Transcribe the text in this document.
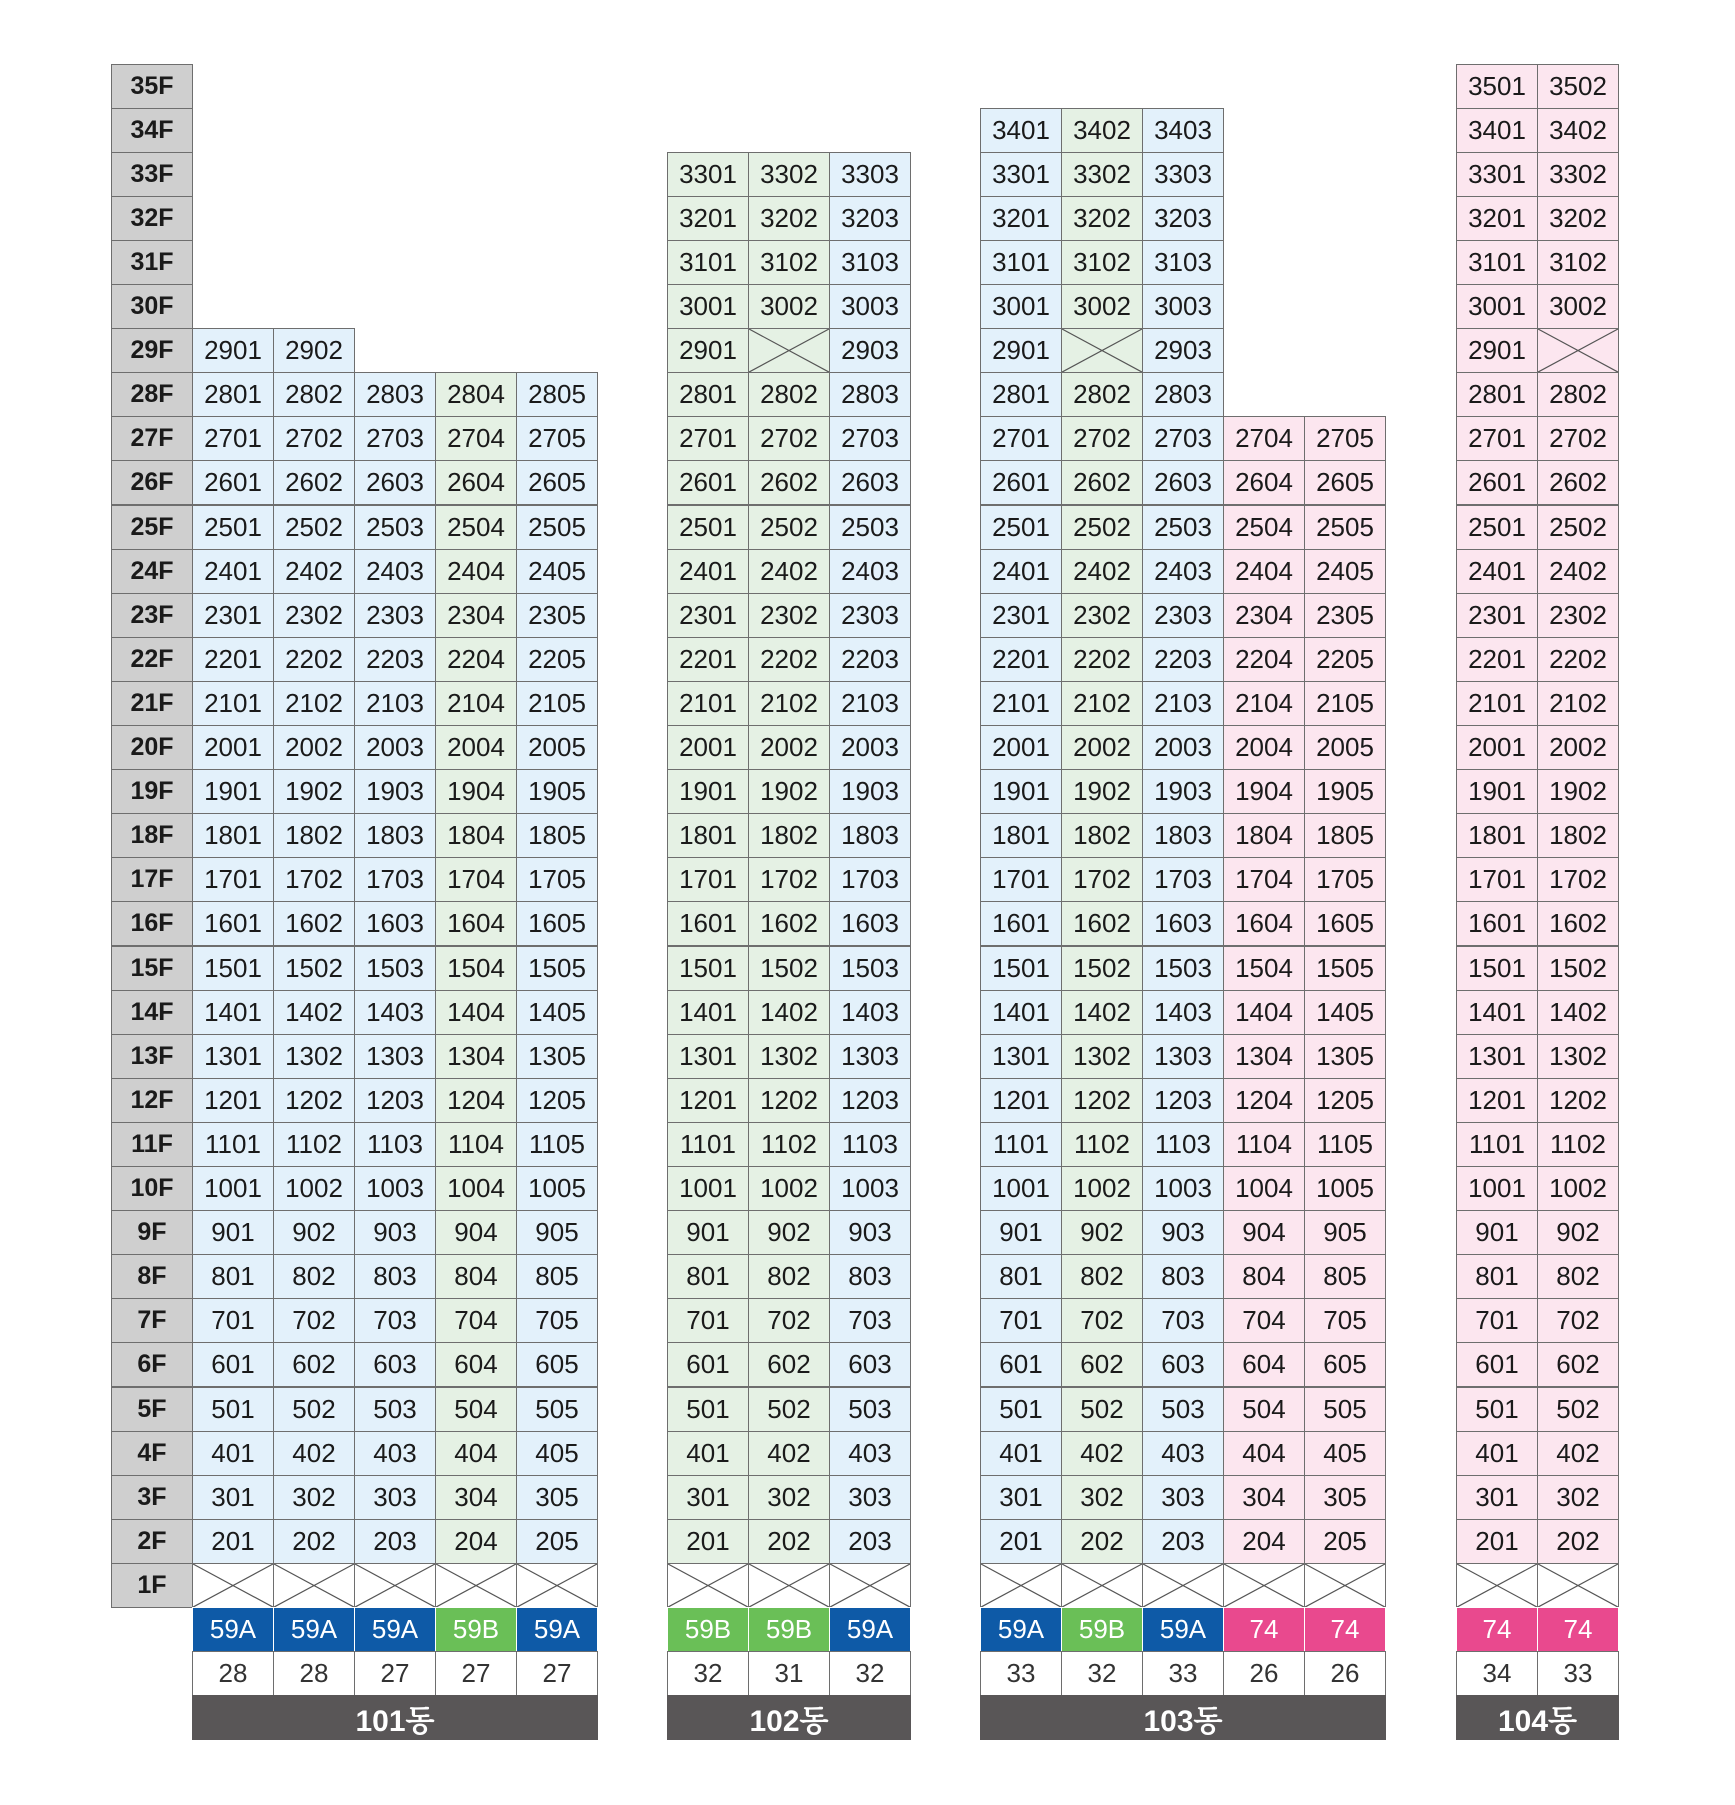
35F
34F
33F
32F
31F
30F
29F
28F
27F
26F
25F
24F
23F
22F
21F
20F
19F
18F
17F
16F
15F
14F
13F
12F
11F
10F
9F
8F
7F
6F
5F
4F
3F
2F
1F
2901
2801
2701
2601
2501
2401
2301
2201
2101
2001
1901
1801
1701
1601
1501
1401
1301
1201
1101
1001
901
801
701
601
501
401
301
201
59A
28
2902
2802
2702
2602
2502
2402
2302
2202
2102
2002
1902
1802
1702
1602
1502
1402
1302
1202
1102
1002
902
802
702
602
502
402
302
202
59A
28
2803
2703
2603
2503
2403
2303
2203
2103
2003
1903
1803
1703
1603
1503
1403
1303
1203
1103
1003
903
803
703
603
503
403
303
203
59A
27
2804
2704
2604
2504
2404
2304
2204
2104
2004
1904
1804
1704
1604
1504
1404
1304
1204
1104
1004
904
804
704
604
504
404
304
204
59B
27
2805
2705
2605
2505
2405
2305
2205
2105
2005
1905
1805
1705
1605
1505
1405
1305
1205
1105
1005
905
805
705
605
505
405
305
205
59A
27
101동
3301
3201
3101
3001
2901
2801
2701
2601
2501
2401
2301
2201
2101
2001
1901
1801
1701
1601
1501
1401
1301
1201
1101
1001
901
801
701
601
501
401
301
201
59B
32
3302
3202
3102
3002
2802
2702
2602
2502
2402
2302
2202
2102
2002
1902
1802
1702
1602
1502
1402
1302
1202
1102
1002
902
802
702
602
502
402
302
202
59B
31
3303
3203
3103
3003
2903
2803
2703
2603
2503
2403
2303
2203
2103
2003
1903
1803
1703
1603
1503
1403
1303
1203
1103
1003
903
803
703
603
503
403
303
203
59A
32
102동
3401
3301
3201
3101
3001
2901
2801
2701
2601
2501
2401
2301
2201
2101
2001
1901
1801
1701
1601
1501
1401
1301
1201
1101
1001
901
801
701
601
501
401
301
201
59A
33
3402
3302
3202
3102
3002
2802
2702
2602
2502
2402
2302
2202
2102
2002
1902
1802
1702
1602
1502
1402
1302
1202
1102
1002
902
802
702
602
502
402
302
202
59B
32
3403
3303
3203
3103
3003
2903
2803
2703
2603
2503
2403
2303
2203
2103
2003
1903
1803
1703
1603
1503
1403
1303
1203
1103
1003
903
803
703
603
503
403
303
203
59A
33
2704
2604
2504
2404
2304
2204
2104
2004
1904
1804
1704
1604
1504
1404
1304
1204
1104
1004
904
804
704
604
504
404
304
204
74
26
2705
2605
2505
2405
2305
2205
2105
2005
1905
1805
1705
1605
1505
1405
1305
1205
1105
1005
905
805
705
605
505
405
305
205
74
26
103동
3501
3401
3301
3201
3101
3001
2901
2801
2701
2601
2501
2401
2301
2201
2101
2001
1901
1801
1701
1601
1501
1401
1301
1201
1101
1001
901
801
701
601
501
401
301
201
74
34
3502
3402
3302
3202
3102
3002
2802
2702
2602
2502
2402
2302
2202
2102
2002
1902
1802
1702
1602
1502
1402
1302
1202
1102
1002
902
802
702
602
502
402
302
202
74
33
104동
